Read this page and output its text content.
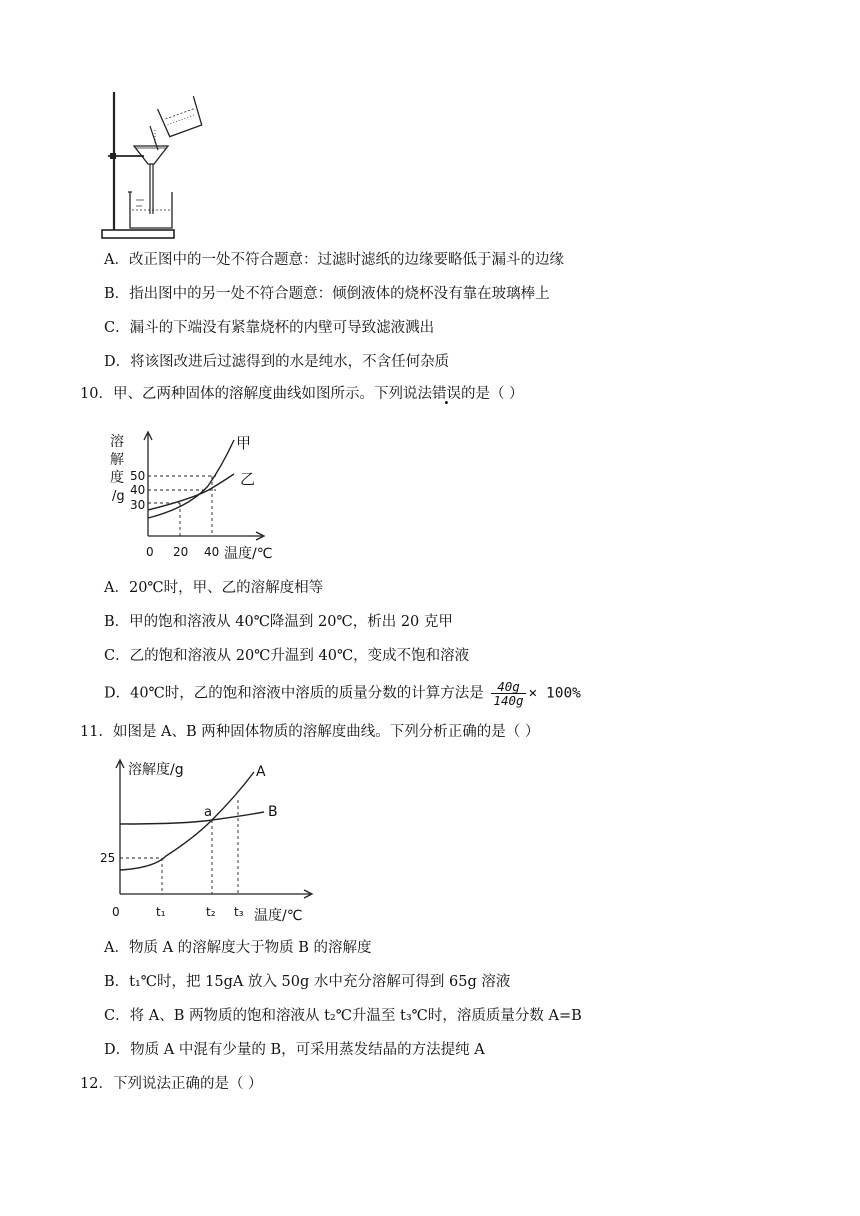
A．改正图中的一处不符合题意：过滤时滤纸的边缘要略低于漏斗的边缘
B．指出图中的另一处不符合题意：倾倒液体的烧杯没有靠在玻璃棒上
C．漏斗的下端没有紧靠烧杯的内壁可导致滤液溅出
D．将该图改进后过滤得到的水是纯水，不含任何杂质
10．甲、乙两种固体的溶解度曲线如图所示。下列说法错误的是（ ）
溶
解
度
/g
甲
乙
50
40
30
0 20 40 温度/℃
A．20℃时，甲、乙的溶解度相等
B．甲的饱和溶液从 40℃降温到 20℃，析出 20 克甲
C．乙的饱和溶液从 20℃升温到 40℃，变成不饱和溶液
D．40℃时，乙的饱和溶液中溶质的质量分数的计算方法是 $\frac{40g}{140g} \times 100\%$
11．如图是 A、B 两种固体物质的溶解度曲线。下列分析正确的是（ ）
溶解度/g	A
B
a
25
0	t₁	t₂ t₃ 温度/℃
A．物质 A 的溶解度大于物质 B 的溶解度
B．t₁℃时，把 15gA 放入 50g 水中充分溶解可得到 65g 溶液
C．将 A、B 两物质的饱和溶液从 t₂℃升温至 t₃℃时，溶质质量分数 A=B
D．物质 A 中混有少量的 B，可采用蒸发结晶的方法提纯 A
12．下列说法正确的是（ ）
